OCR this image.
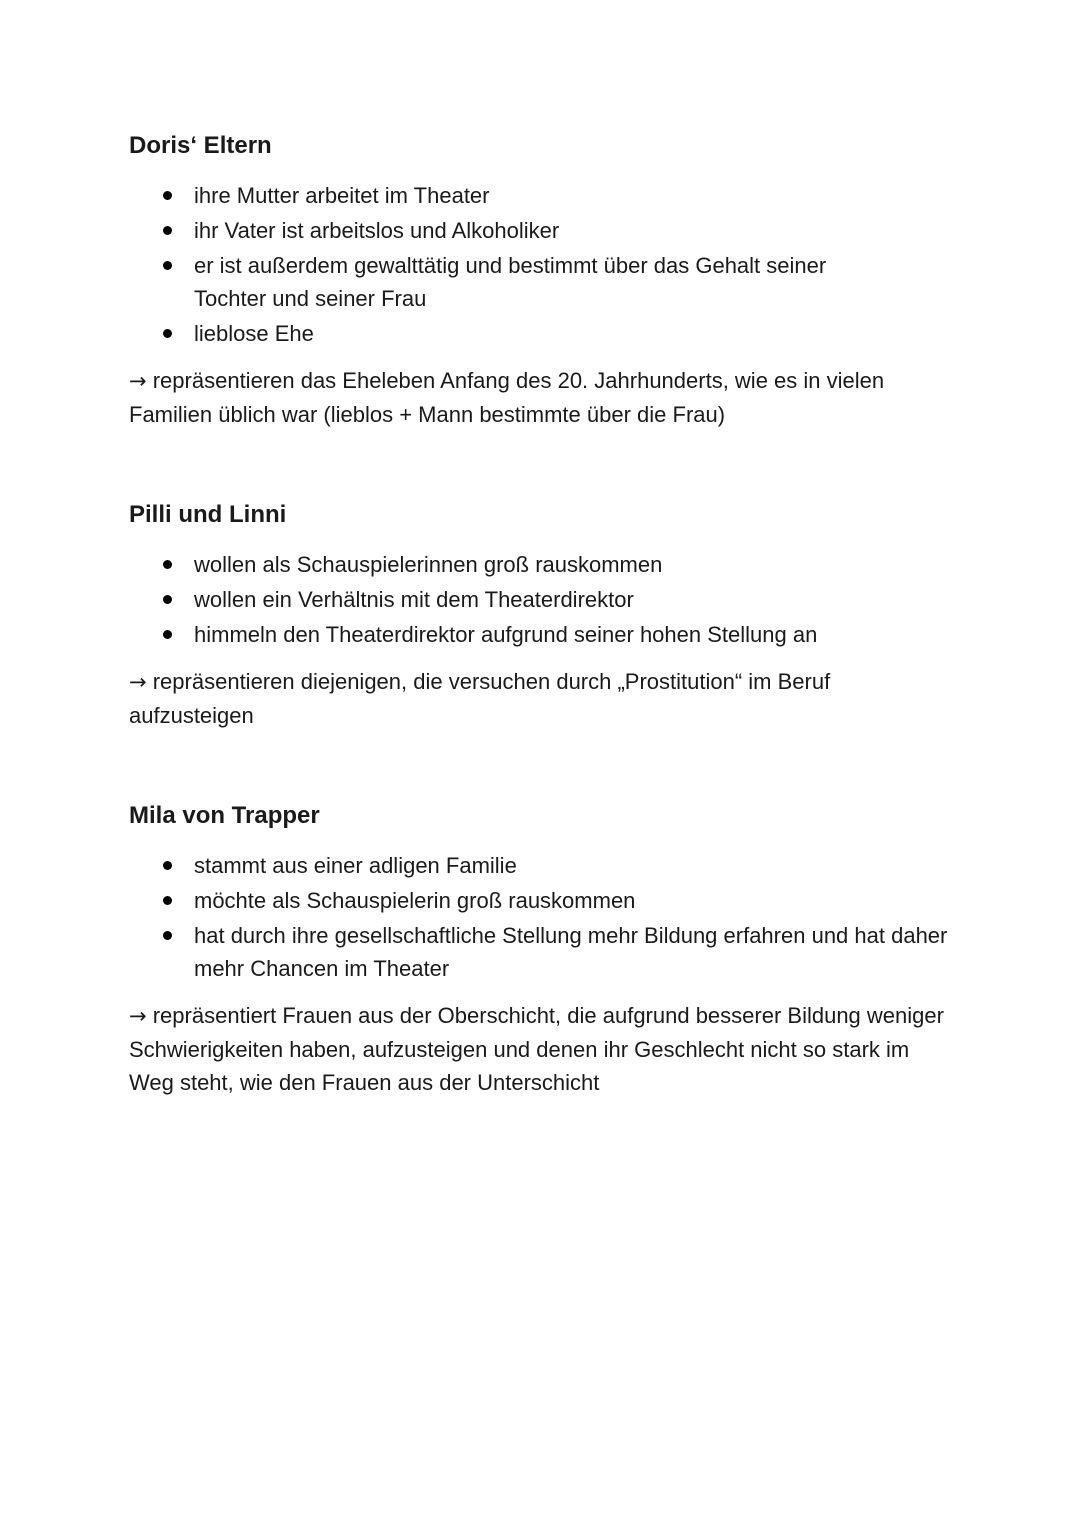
Doris‘ Eltern
ihre Mutter arbeitet im Theater
ihr Vater ist arbeitslos und Alkoholiker
er ist außerdem gewalttätig und bestimmt über das Gehalt seiner Tochter und seiner Frau
lieblose Ehe
→ repräsentieren das Eheleben Anfang des 20. Jahrhunderts, wie es in vielen Familien üblich war (lieblos + Mann bestimmte über die Frau)
Pilli und Linni
wollen als Schauspielerinnen groß rauskommen
wollen ein Verhältnis mit dem Theaterdirektor
himmeln den Theaterdirektor aufgrund seiner hohen Stellung an
→ repräsentieren diejenigen, die versuchen durch „Prostitution“ im Beruf aufzusteigen
Mila von Trapper
stammt aus einer adligen Familie
möchte als Schauspielerin groß rauskommen
hat durch ihre gesellschaftliche Stellung mehr Bildung erfahren und hat daher mehr Chancen im Theater
→ repräsentiert Frauen aus der Oberschicht, die aufgrund besserer Bildung weniger Schwierigkeiten haben, aufzusteigen und denen ihr Geschlecht nicht so stark im Weg steht, wie den Frauen aus der Unterschicht
